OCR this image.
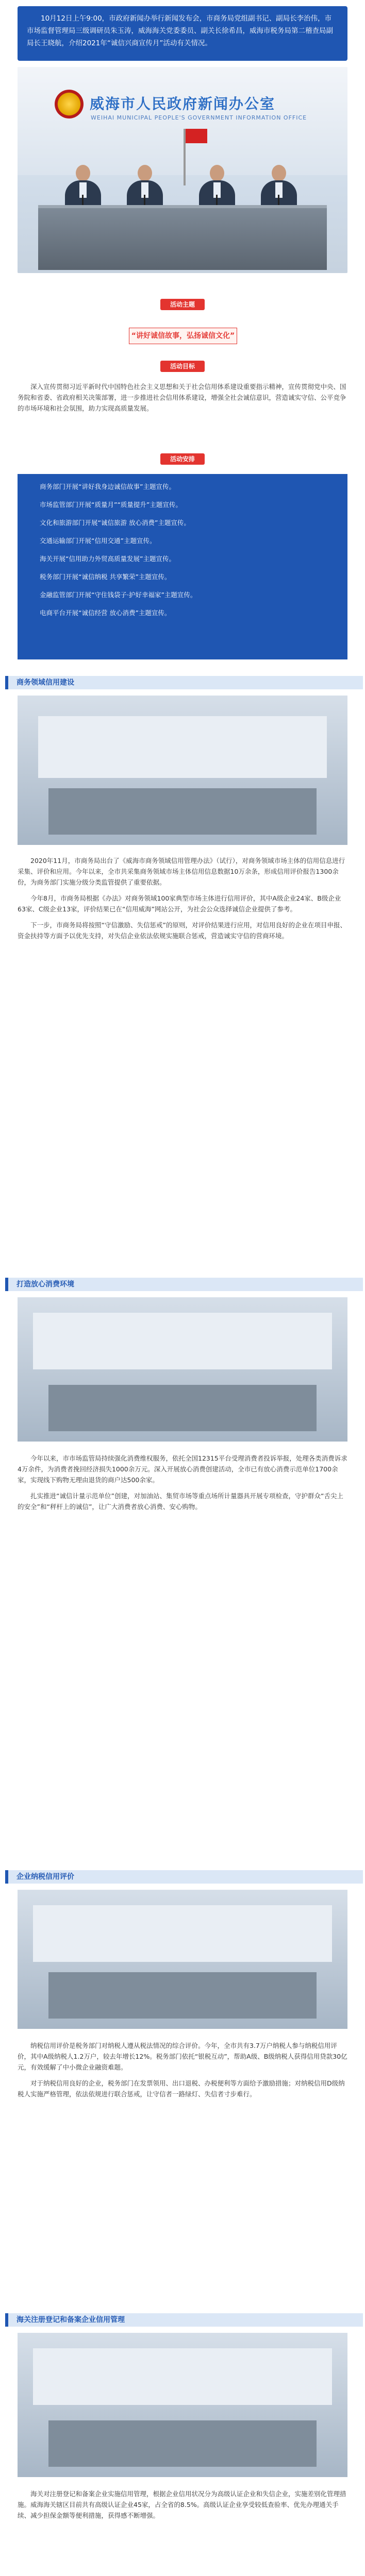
10月12日上午9:00，市政府新闻办举行新闻发布会，市商务局党组副书记、副局长李治伟，市市场监督管理局三级调研员朱玉涛，威海海关党委委员、副关长徐希昌，威海市税务局第二稽查局副局长王晓航，介绍2021年“诚信兴商宣传月”活动有关情况。

威海市人民政府新闻办公室
WEIHAI MUNICIPAL PEOPLE'S GOVERNMENT INFORMATION OFFICE
活动主题
“讲好诚信故事，弘扬诚信文化”
活动目标

深入宣传贯彻习近平新时代中国特色社会主义思想和关于社会信用体系建设重要指示精神，宣传贯彻党中央、国务院和省委、省政府相关决策部署，进一步推进社会信用体系建设，增强全社会诚信意识，营造诚实守信、公平竞争的市场环境和社会氛围，助力实现高质量发展。

活动安排

商务部门开展“讲好我身边诚信故事”主题宣传。

市场监管部门开展“质量月”“质量提升”主题宣传。

文化和旅游部门开展“诚信旅游 放心消费”主题宣传。

交通运输部门开展“信用交通”主题宣传。

海关开展“信用助力外贸高质量发展”主题宣传。

税务部门开展“诚信纳税 共享繁荣”主题宣传。

金融监管部门开展“守住钱袋子·护好幸福家”主题宣传。

电商平台开展“诚信经营 放心消费”主题宣传。

商务领域信用建设

2020年11月，市商务局出台了《威海市商务领域信用管理办法》（试行），对商务领域市场主体的信用信息进行采集、评价和应用。今年以来，全市共采集商务领域市场主体信用信息数据10万余条，形成信用评价报告1300余份，为商务部门实施分级分类监管提供了重要依据。

今年8月，市商务局根据《办法》对商务领域100家典型市场主体进行信用评价，其中A级企业24家、B级企业63家、C级企业13家，评价结果已在“信用威海”网站公开，为社会公众选择诚信企业提供了参考。

下一步，市商务局将按照“守信激励、失信惩戒”的原则，对评价结果进行应用，对信用良好的企业在项目申报、资金扶持等方面予以优先支持，对失信企业依法依规实施联合惩戒，营造诚实守信的营商环境。

打造放心消费环境

今年以来，市市场监管局持续强化消费维权服务，依托全国12315平台受理消费者投诉举报，处理各类消费诉求4万余件，为消费者挽回经济损失1000余万元。深入开展放心消费创建活动，全市已有放心消费示范单位1700余家，实现线下购物无理由退货的商户达500余家。

扎实推进“诚信计量示范单位”创建，对加油站、集贸市场等重点场所计量器具开展专项检查，守护群众“舌尖上的安全”和“秤杆上的诚信”，让广大消费者放心消费、安心购物。

企业纳税信用评价

纳税信用评价是税务部门对纳税人遵从税法情况的综合评价。今年，全市共有3.7万户纳税人参与纳税信用评价，其中A级纳税人1.2万户，较去年增长12%。税务部门依托“银税互动”，帮助A级、B级纳税人获得信用贷款30亿元，有效缓解了中小微企业融资难题。

对于纳税信用良好的企业，税务部门在发票领用、出口退税、办税便利等方面给予激励措施；对纳税信用D级纳税人实施严格管理，依法依规进行联合惩戒，让守信者一路绿灯、失信者寸步难行。

海关注册登记和备案企业信用管理

海关对注册登记和备案企业实施信用管理，根据企业信用状况分为高级认证企业和失信企业，实施差别化管理措施。威海海关辖区目前共有高级认证企业45家，占全省的8.5%。高级认证企业享受较低查验率、优先办理通关手续、减少担保金额等便利措施，获得感不断增强。
